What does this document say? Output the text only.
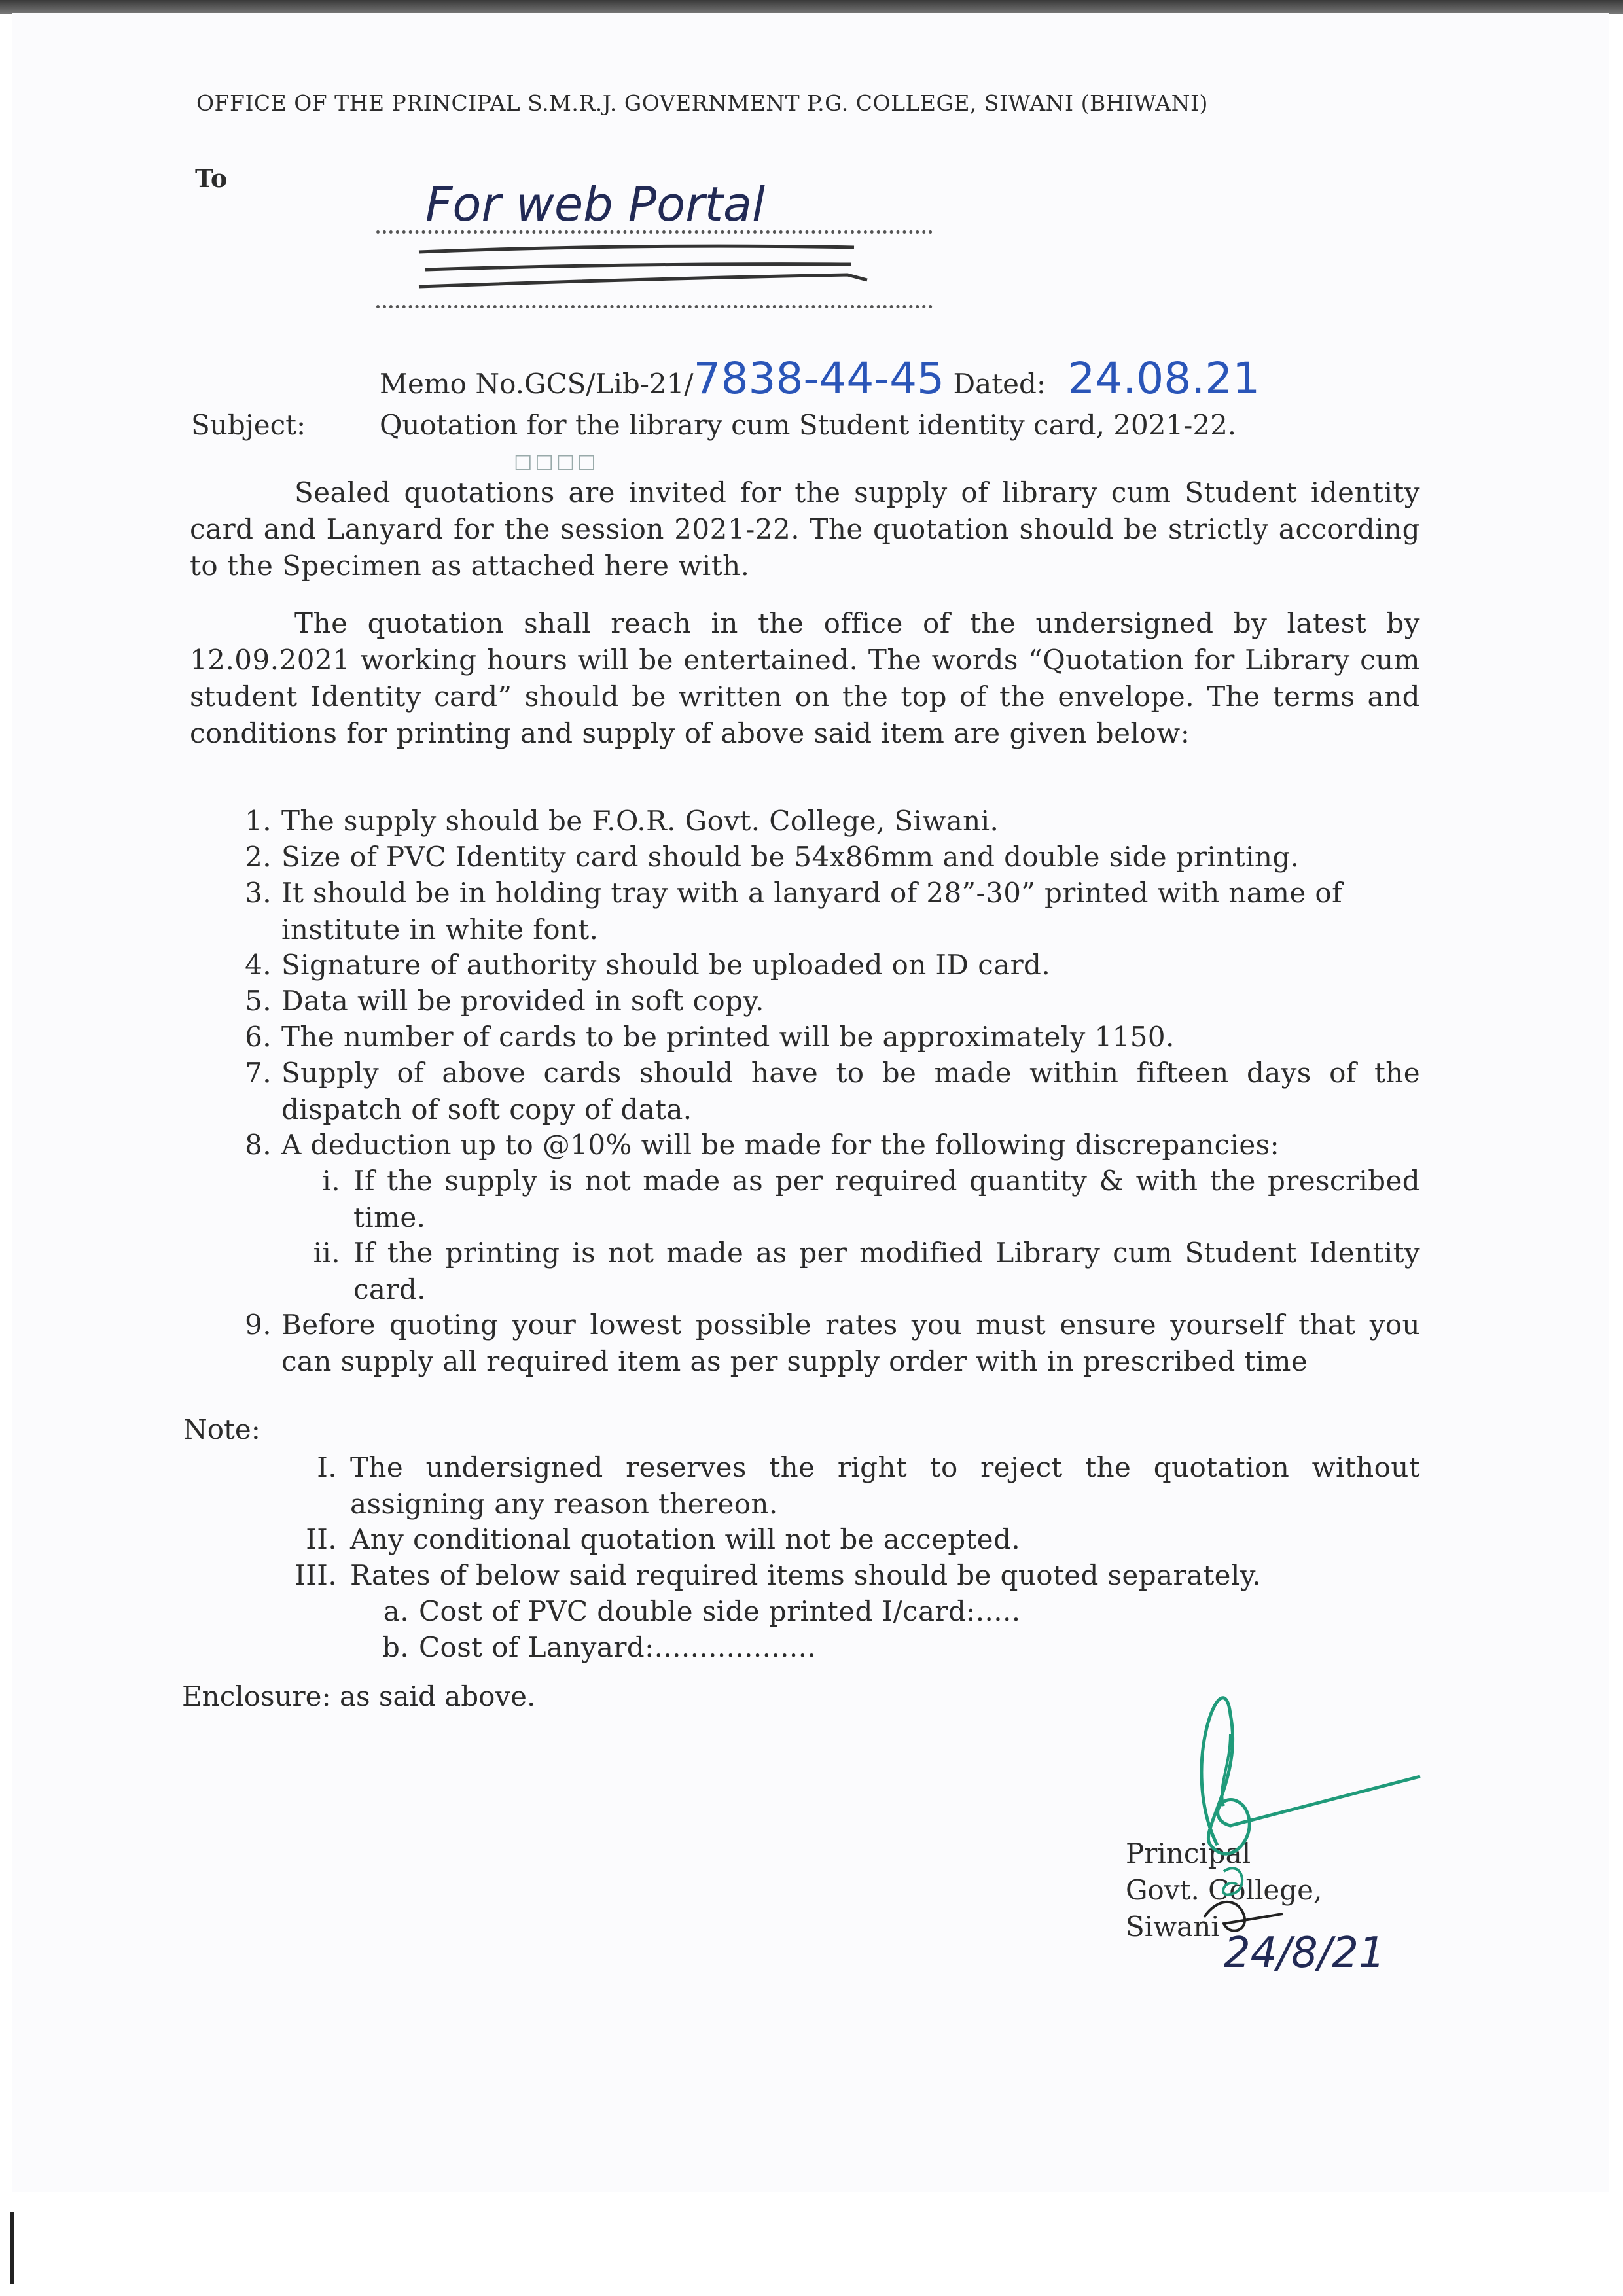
OFFICE OF THE PRINCIPAL S.M.R.J. GOVERNMENT P.G. COLLEGE, SIWANI (BHIWANI)
To	For web Portal
Memo No.GCS/Lib-21/7838-44-45 Dated: 24.08.21
Subject:	Quotation for the library cum Student identity card, 2021-22.
□□□□

Sealed quotations are invited for the supply of library cum Student identity card and Lanyard for the session 2021-22. The quotation should be strictly according to the Specimen as attached here with.

The quotation shall reach in the office of the undersigned by latest by 12.09.2021 working hours will be entertained. The words “Quotation for Library cum student Identity card” should be written on the top of the envelope. The terms and conditions for printing and supply of above said item are given below:

1. The supply should be F.O.R. Govt. College, Siwani.
2. Size of PVC Identity card should be 54x86mm and double side printing.
3. It should be in holding tray with a lanyard of 28”-30” printed with name of institute in white font.
4. Signature of authority should be uploaded on ID card.
5. Data will be provided in soft copy.
6. The number of cards to be printed will be approximately 1150.
7. Supply of above cards should have to be made within fifteen days of the dispatch of soft copy of data.
8. A deduction up to @10% will be made for the following discrepancies:
i. If the supply is not made as per required quantity & with the prescribed time.
ii. If the printing is not made as per modified Library cum Student Identity card.
9. Before quoting your lowest possible rates you must ensure yourself that you can supply all required item as per supply order with in prescribed time
Note:
I. The undersigned reserves the right to reject the quotation without assigning any reason thereon.
II. Any conditional quotation will not be accepted.
III. Rates of below said required items should be quoted separately.
a. Cost of PVC double side printed I/card:.....
b. Cost of Lanyard:..................
Enclosure: as said above.
Principal
Govt. College,
Siwani
24/8/21
